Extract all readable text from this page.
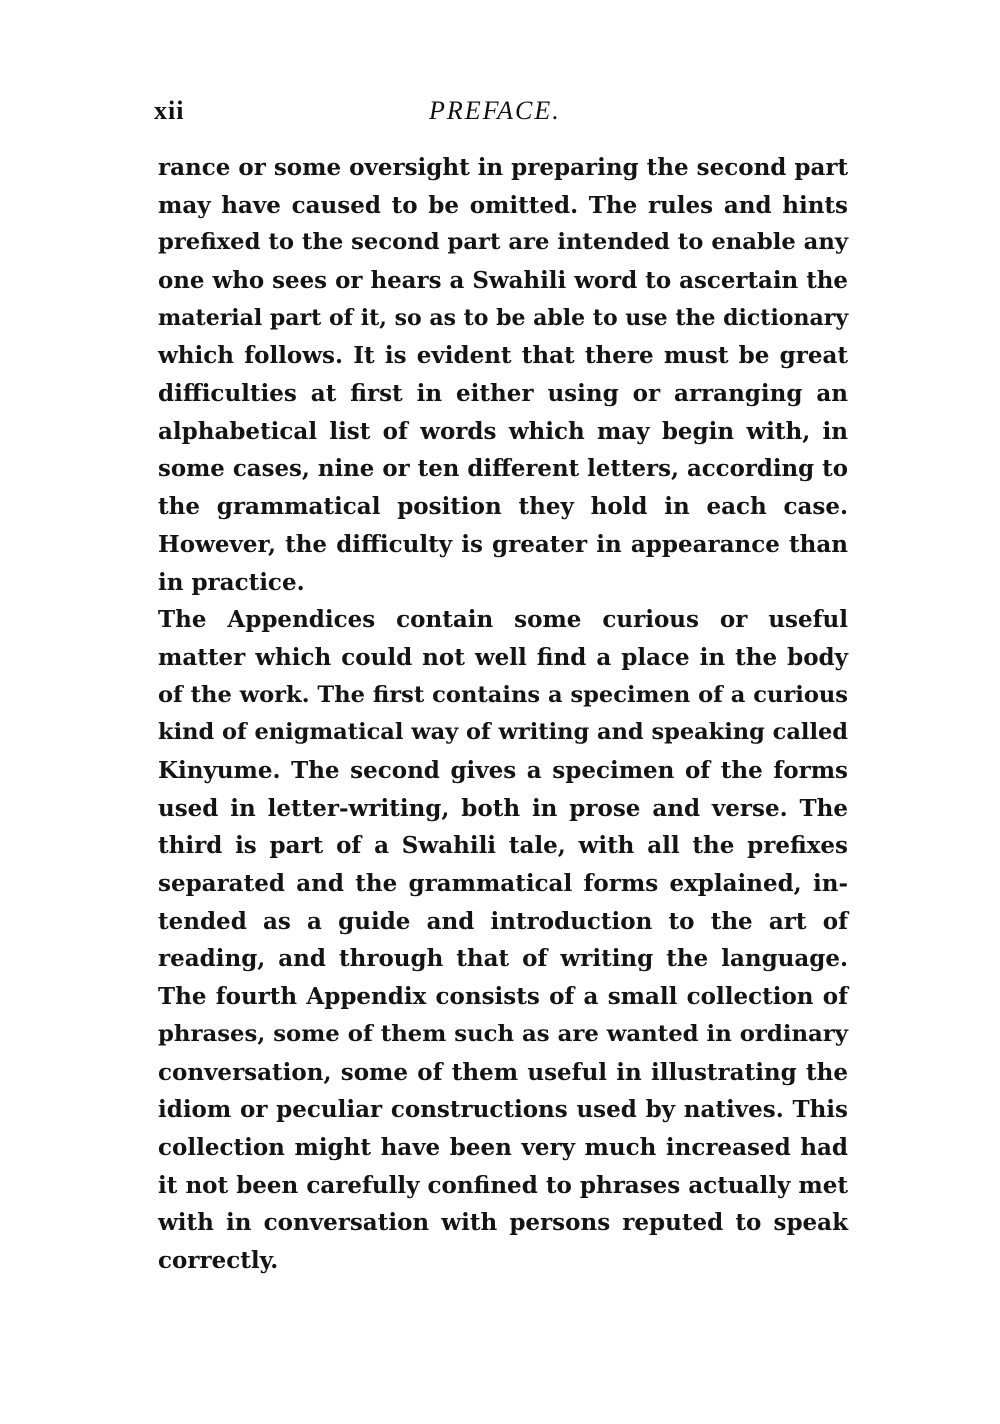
xii	PREFACE.
rance or some oversight in preparing the second part
may have caused to be omitted. The rules and hints
prefixed to the second part are intended to enable any
one who sees or hears a Swahili word to ascertain the
material part of it, so as to be able to use the dictionary
which follows. It is evident that there must be great
difficulties at first in either using or arranging an
alphabetical list of words which may begin with, in
some cases, nine or ten different letters, according to
the grammatical position they hold in each case.
However, the difficulty is greater in appearance than
in practice.
The Appendices contain some curious or useful
matter which could not well find a place in the body
of the work. The first contains a specimen of a curious
kind of enigmatical way of writing and speaking called
Kinyume. The second gives a specimen of the forms
used in letter-writing, both in prose and verse. The
third is part of a Swahili tale, with all the prefixes
separated and the grammatical forms explained, in-
tended as a guide and introduction to the art of
reading, and through that of writing the language.
The fourth Appendix consists of a small collection of
phrases, some of them such as are wanted in ordinary
conversation, some of them useful in illustrating the
idiom or peculiar constructions used by natives. This
collection might have been very much increased had
it not been carefully confined to phrases actually met
with in conversation with persons reputed to speak
correctly.
